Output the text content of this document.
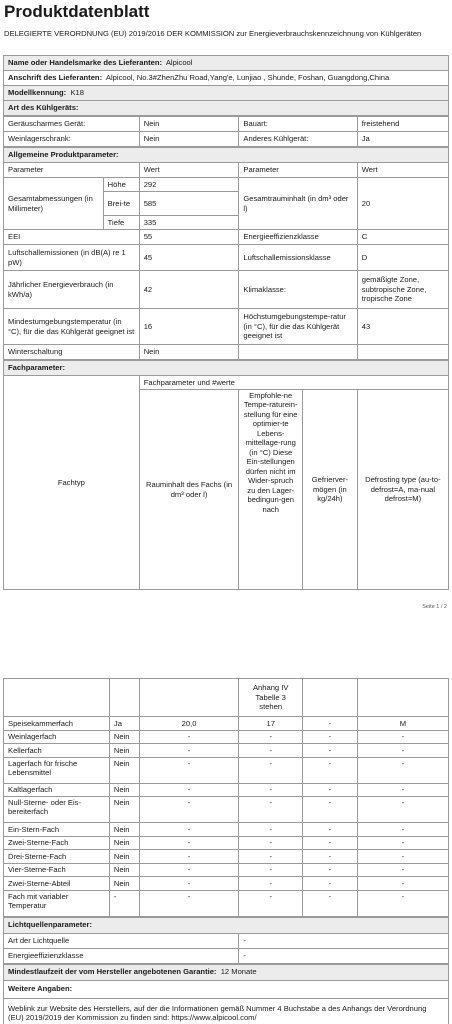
Produktdatenblatt
DELEGIERTE VERORDNUNG (EU) 2019/2016 DER KOMMISSION zur Energieverbrauchskennzeichnung von Kühlgeräten
Name oder Handelsmarke des Lieferanten: Alpicool
Anschrift des Lieferanten: Alpicool, No.3#ZhenZhu Road,Yang'e, Lunjiao , Shunde, Foshan, Guangdong,China
Modellkennung: K18
Art des Kühlgeräts:
Geräuscharmes Gerät:	Nein	Bauart:	freistehend
Weinlagerschrank:	Nein	Anderes Kühlgerät:	Ja
Allgemeine Produktparameter:				
Parameter		Wert	Parameter	Wert
Gesamtabmessungen (in Millimeter)	Höhe	292	Gesamtrauminhalt (in dm³ oder l)	20
	Brei-te	585		
	Tiefe	335		
EEI		55	Energieeffizienzklasse	C
Luftschallemissionen (in dB(A) re 1 pW)		45	Luftschallemissionsklasse	D
Jährlicher Energieverbrauch (in kWh/a)		42	Klimaklasse:	gemäßigte Zone, subtropische Zone, tropische Zone
Mindestumgebungstemperatur (in °C), für die das Kühlgerät geeignet ist		16	Höchstumgebungstempe-ratur (in °C), für die das Kühlgerät geeignet ist	43
Winterschaltung		Nein		
Fachparameter:				
Fachtyp	Fachparameter und #werte			
	Rauminhalt des Fachs (in dm³ oder l)	Empfohle-ne Tempe-raturein-stellung für eine optimier-te Lebens-mittellage-rung (in °C) Diese Ein-stellungen dürfen nicht im Wider-spruch zu den Lager-bedingun-gen nach	Gefrierver-mögen (in kg/24h)	Defrosting type (au-to-defrost=A, ma-nual defrost=M)
Seite 1 / 2
			Anhang IV Tabelle 3 stehen		
Speisekammerfach	Ja	20,0	17	-	M
Weinlagerfach	Nein	-	-	-	-
Kellerfach	Nein	-	-	-	-
Lagerfach für frische Lebensmittel	Nein	-	-	-	-
Kaltlagerfach	Nein	-	-	-	-
Null-Sterne- oder Eis-bereiterfach	Nein	-	-	-	-
Ein-Stern-Fach	Nein	-	-	-	-
Zwei-Sterne-Fach	Nein	-	-	-	-
Drei-Sterne-Fach	Nein	-	-	-	-
Vier-Sterne-Fach	Nein	-	-	-	-
Zwei-Sterne-Abteil	Nein	-	-	-	-
Fach mit variabler Temperatur	-	-	-	-	-
Lichtquellenparameter:	
Art der Lichtquelle	-
Energieeffizienzklasse	-
Mindestlaufzeit der vom Hersteller angebotenen Garantie: 12 Monate
Weitere Angaben:
Weblink zur Website des Herstellers, auf der die Informationen gemäß Nummer 4 Buchstabe a des Anhangs der Verordnung (EU) 2019/2019 der Kommission zu finden sind: https://www.alpicool.com/
